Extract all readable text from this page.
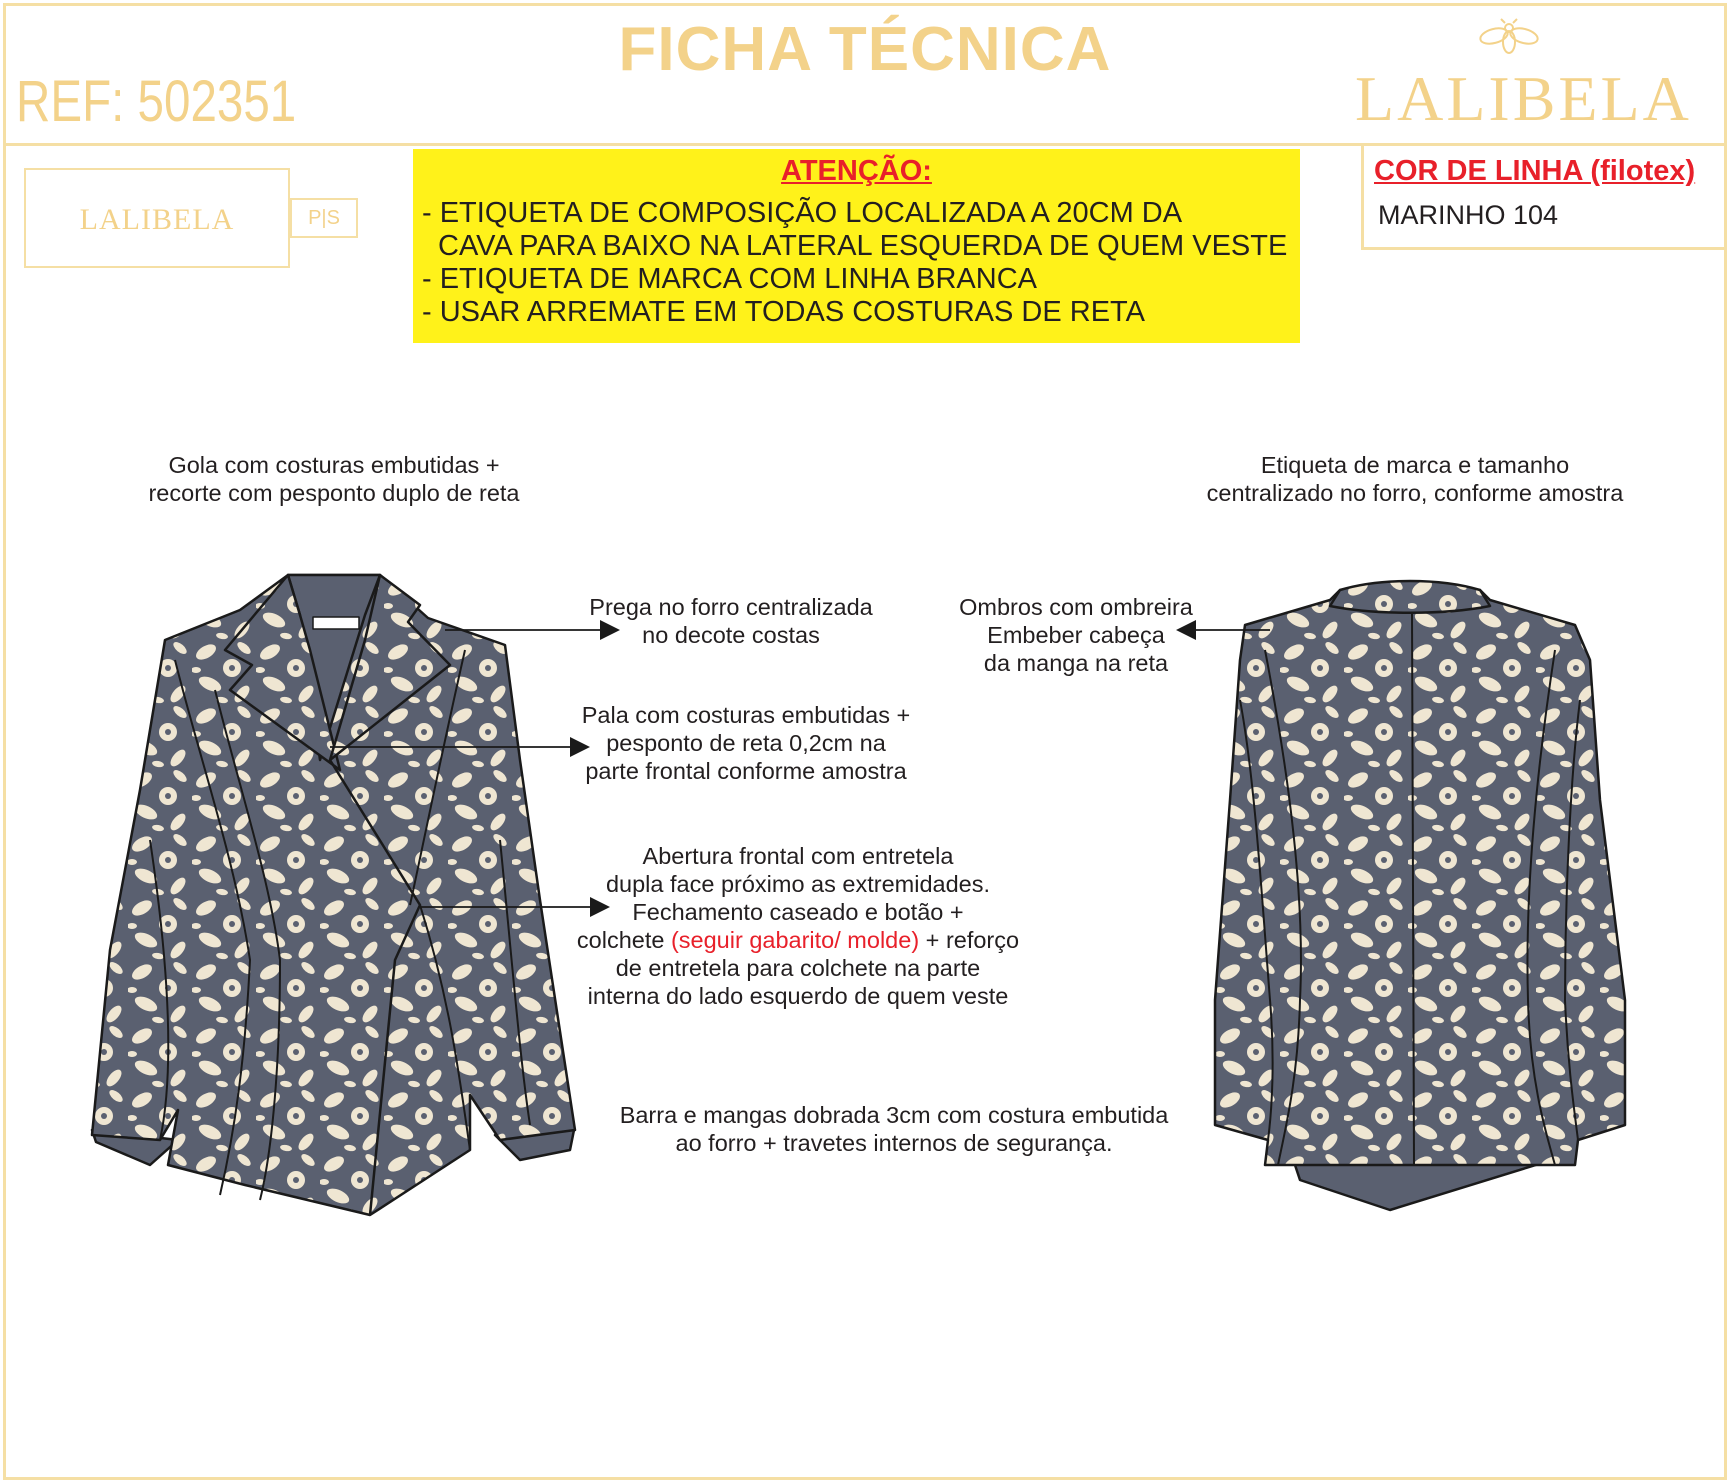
FICHA TÉCNICA
REF: 502351	LALIBELA
LALIBELA	P|S
ATENÇÃO:
- ETIQUETA DE COMPOSIÇÃO LOCALIZADA A 20CM DA
CAVA PARA BAIXO NA LATERAL ESQUERDA DE QUEM VESTE
- ETIQUETA DE MARCA COM LINHA BRANCA
- USAR ARREMATE EM TODAS COSTURAS DE RETA
COR DE LINHA (filotex)
MARINHO 104
Gola com costuras embutidas +
recorte com pesponto duplo de reta
Etiqueta de marca e tamanho
centralizado no forro, conforme amostra
Prega no forro centralizada
no decote costas
Ombros com ombreira
Embeber cabeça
da manga na reta
Pala com costuras embutidas +
pesponto de reta 0,2cm na
parte frontal conforme amostra
Abertura frontal com entretela
dupla face próximo as extremidades.
Fechamento caseado e botão +
colchete (seguir gabarito/ molde) + reforço
de entretela para colchete na parte
interna do lado esquerdo de quem veste
Barra e mangas dobrada 3cm com costura embutida
ao forro + travetes internos de segurança.
